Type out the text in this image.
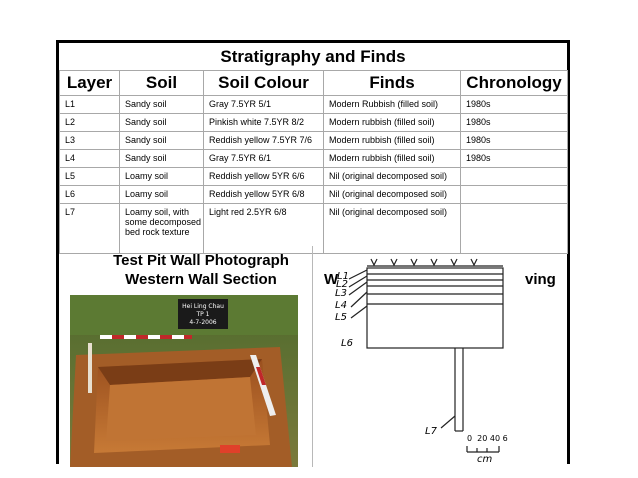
Stratigraphy and Finds
Layer	Soil	Soil Colour	Finds	Chronology
L1	Sandy soil	Gray 7.5YR 5/1	Modern Rubbish (filled soil)	1980s
L2	Sandy soil	Pinkish white 7.5YR 8/2	Modern rubbish (filled soil)	1980s
L3	Sandy soil	Reddish yellow 7.5YR 7/6	Modern rubbish (filled soil)	1980s
L4	Sandy soil	Gray 7.5YR 6/1	Modern rubbish (filled soil)	1980s
L5	Loamy soil	Reddish yellow 5YR 6/6	Nil (original decomposed soil)	
L6	Loamy soil	Reddish yellow 5YR 6/8	Nil (original decomposed soil)	
L7	Loamy soil, with some decomposed bed rock texture	Light red 2.5YR 6/8	Nil (original decomposed soil)	
Test Pit Wall Photograph
Western Wall Section
Hei Ling Chau
TP 1
4-7-2006
W	ving
L1
L2
L3
L4
L5
L6
L7
0  20 40 6
cm
